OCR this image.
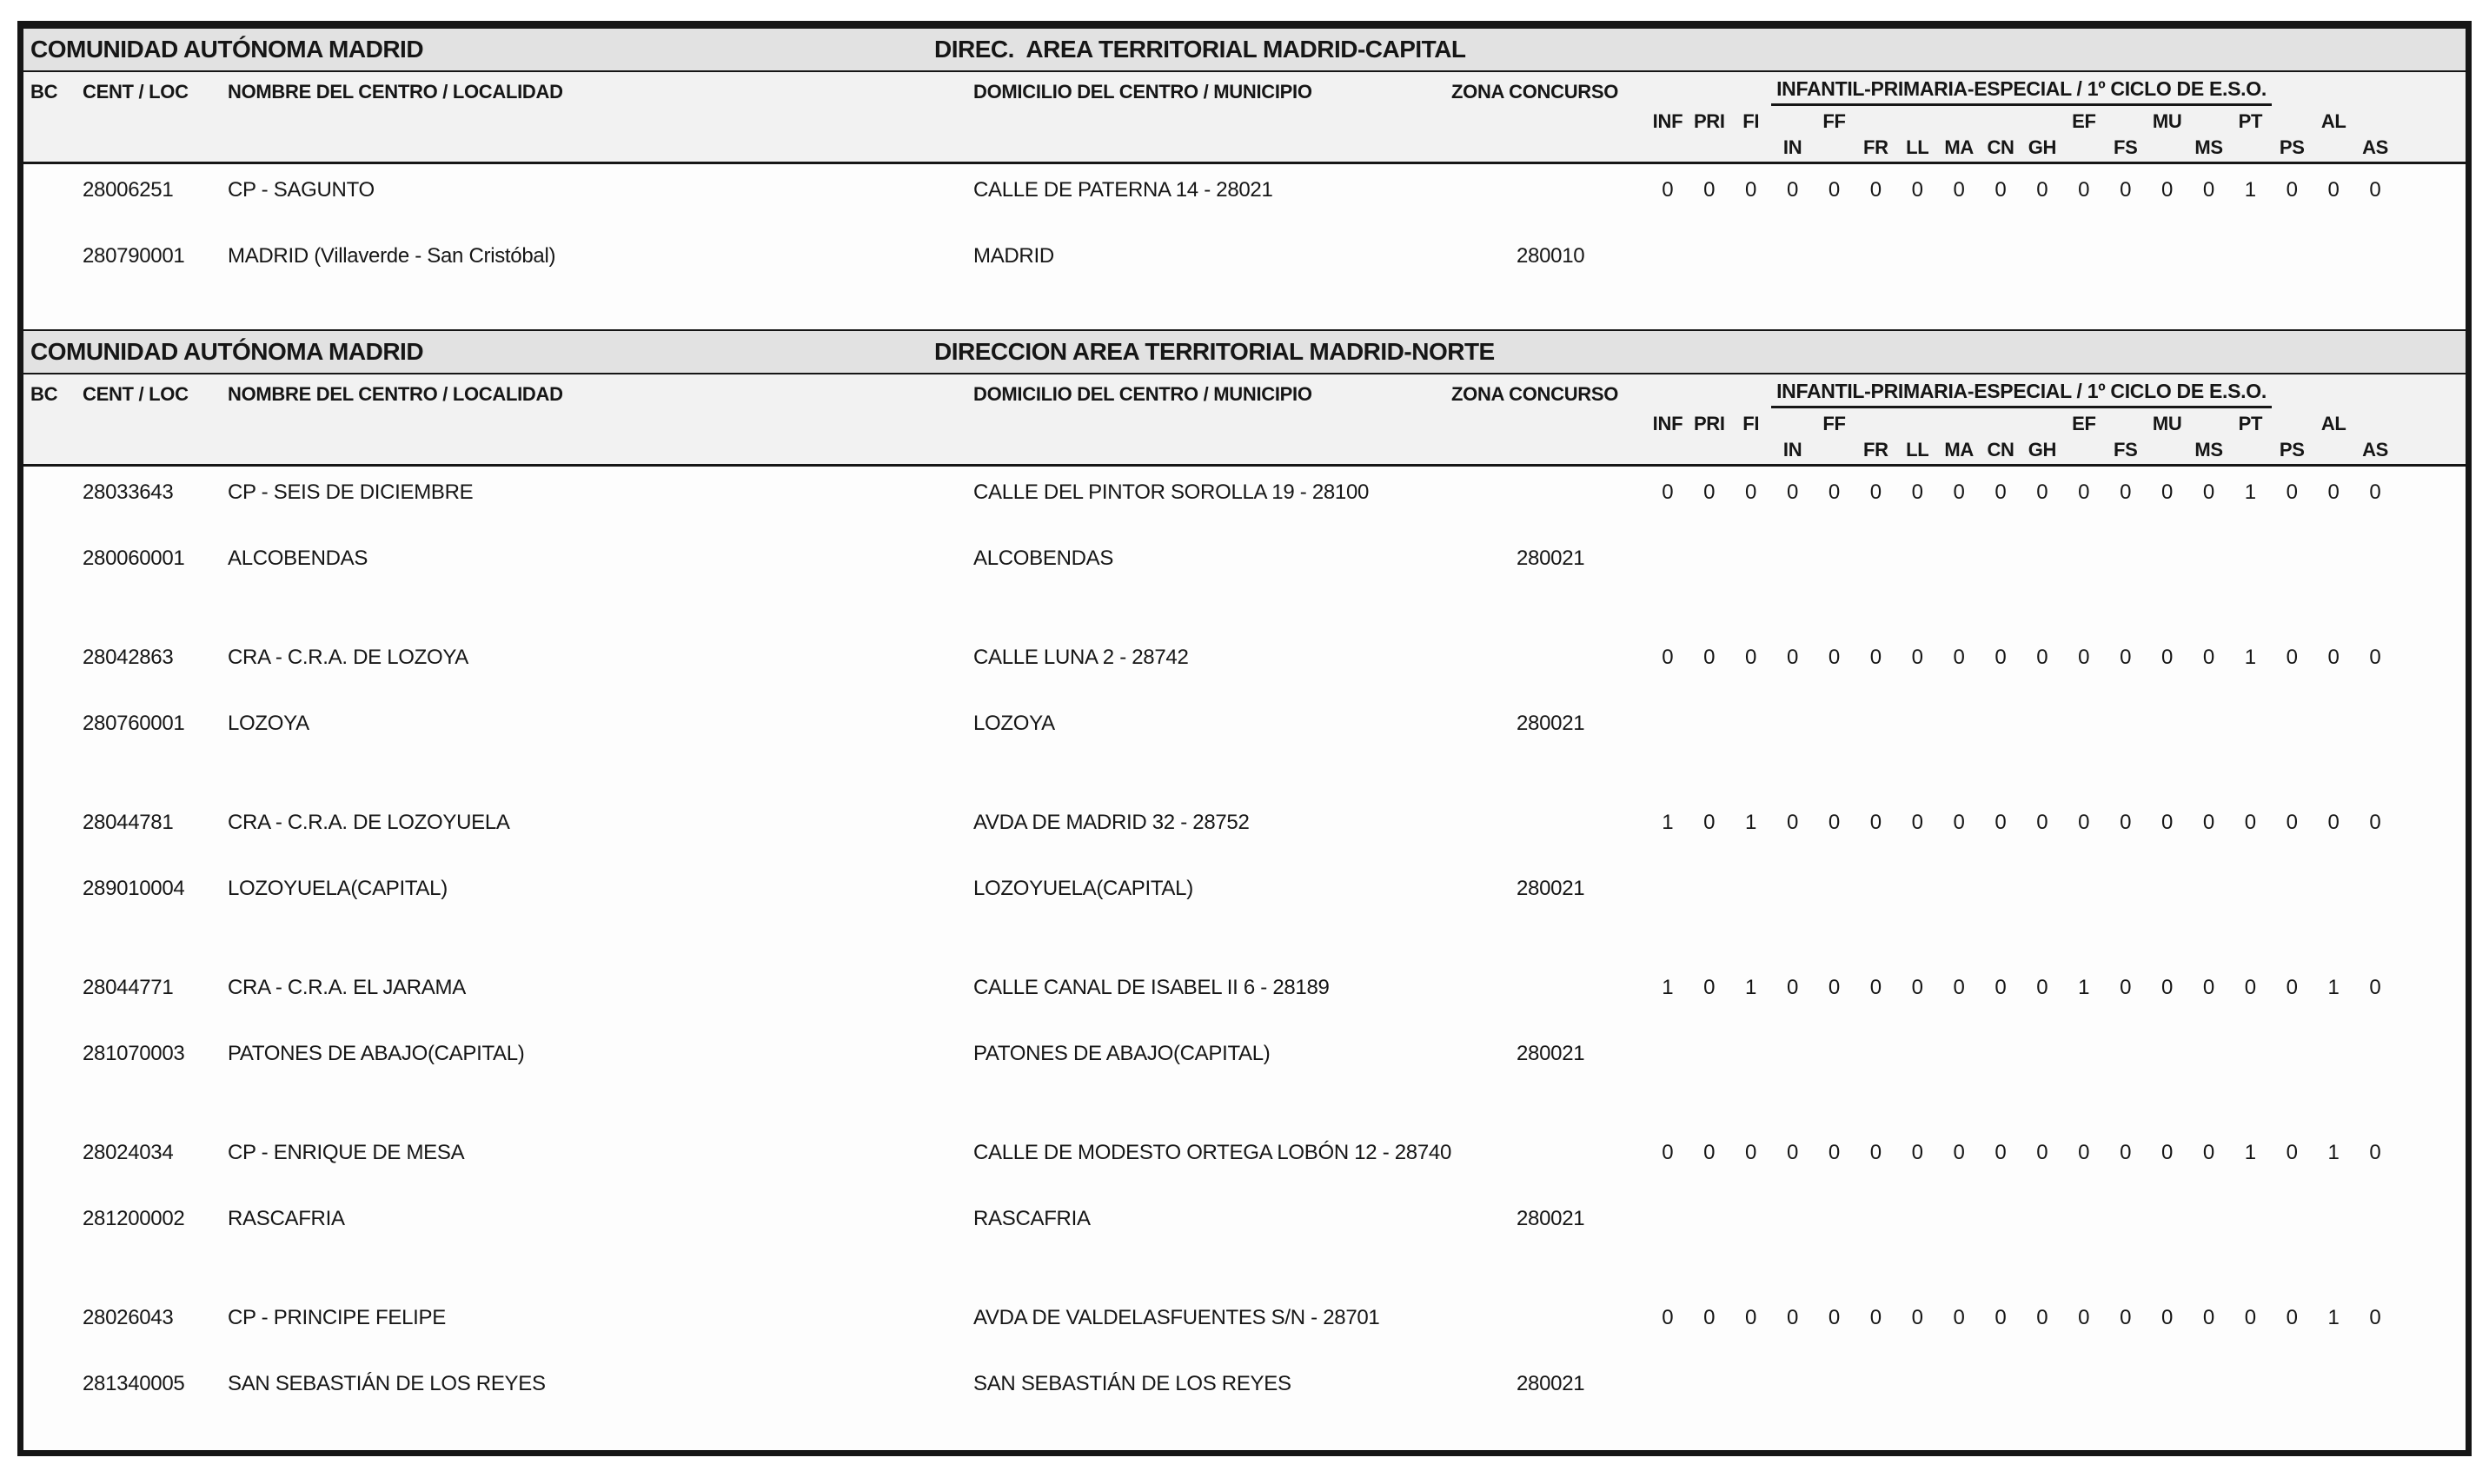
COMUNIDAD AUTÓNOMA MADRID	DIREC.  AREA TERRITORIAL MADRID-CAPITAL
BC CENT / LOC NOMBRE DEL CENTRO / LOCALIDAD	DOMICILIO DEL CENTRO / MUNICIPIO	ZONA CONCURSO	INFANTIL-PRIMARIA-ESPECIAL / 1º CICLO DE E.S.O.
INF PRI FI	FF	EF	MU	PT	AL
IN	FR LL MA CN GH	FS	MS	PS	AS
28006251	CP - SAGUNTO	CALLE DE PATERNA 14 - 28021	0	0	0	0	0	0	0	0	0	0	0	0	0	0	1	0	0	0
280790001 MADRID (Villaverde - San Cristóbal)	MADRID	280010
COMUNIDAD AUTÓNOMA MADRID	DIRECCION AREA TERRITORIAL MADRID-NORTE
BC CENT / LOC NOMBRE DEL CENTRO / LOCALIDAD	DOMICILIO DEL CENTRO / MUNICIPIO	ZONA CONCURSO	INFANTIL-PRIMARIA-ESPECIAL / 1º CICLO DE E.S.O.
INF PRI FI	FF	EF	MU	PT	AL
IN	FR LL MA CN GH	FS	MS	PS	AS
28033643	CP - SEIS DE DICIEMBRE	CALLE DEL PINTOR SOROLLA 19 - 28100	0	0	0	0	0	0	0	0	0	0	0	0	0	0	1	0	0	0
280060001 ALCOBENDAS	ALCOBENDAS	280021
28042863	CRA - C.R.A. DE LOZOYA	CALLE LUNA 2 - 28742	0	0	0	0	0	0	0	0	0	0	0	0	0	0	1	0	0	0
280760001 LOZOYA	LOZOYA	280021
28044781	CRA - C.R.A. DE LOZOYUELA	AVDA DE MADRID 32 - 28752	1	0	1	0	0	0	0	0	0	0	0	0	0	0	0	0	0	0
289010004 LOZOYUELA(CAPITAL)	LOZOYUELA(CAPITAL)	280021
28044771	CRA - C.R.A. EL JARAMA	CALLE CANAL DE ISABEL II 6 - 28189	1	0	1	0	0	0	0	0	0	0	1	0	0	0	0	0	1	0
281070003 PATONES DE ABAJO(CAPITAL)	PATONES DE ABAJO(CAPITAL)	280021
28024034	CP - ENRIQUE DE MESA	CALLE DE MODESTO ORTEGA LOBÓN 12 - 28740	0	0	0	0	0	0	0	0	0	0	0	0	0	0	1	0	1	0
281200002 RASCAFRIA	RASCAFRIA	280021
28026043	CP - PRINCIPE FELIPE	AVDA DE VALDELASFUENTES S/N - 28701	0	0	0	0	0	0	0	0	0	0	0	0	0	0	0	0	1	0
281340005 SAN SEBASTIÁN DE LOS REYES	SAN SEBASTIÁN DE LOS REYES	280021
